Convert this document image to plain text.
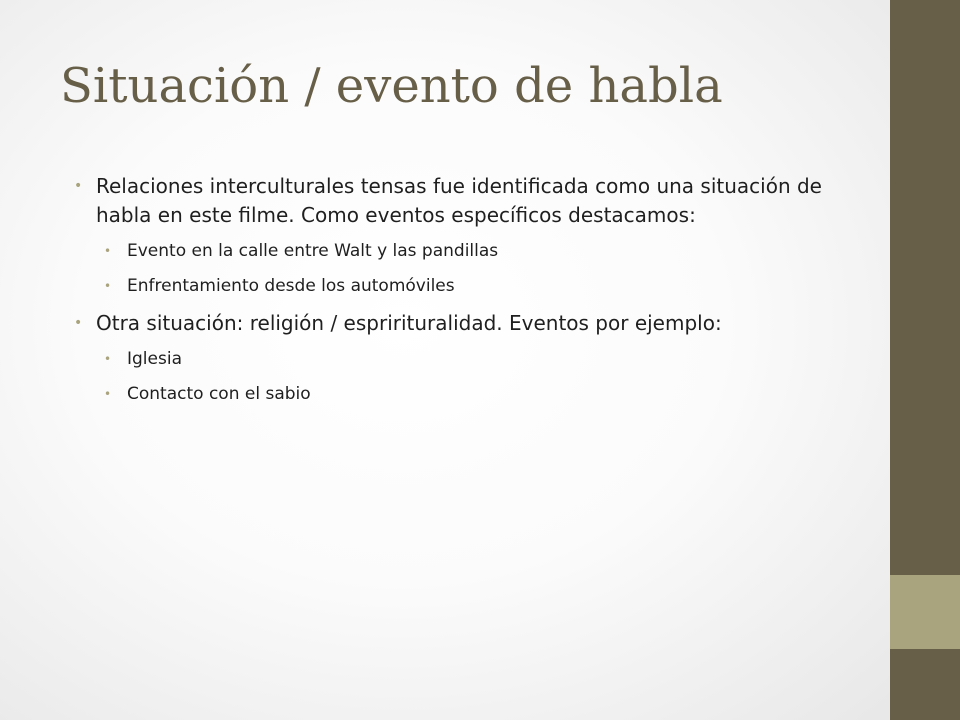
Situación / evento de habla
• Relaciones interculturales tensas fue identificada como una situación de habla en este filme. Como eventos específicos destacamos:
• Evento en la calle entre Walt y las pandillas
• Enfrentamiento desde los automóviles
• Otra situación: religión / espririturalidad. Eventos por ejemplo:
• Iglesia
• Contacto con el sabio
